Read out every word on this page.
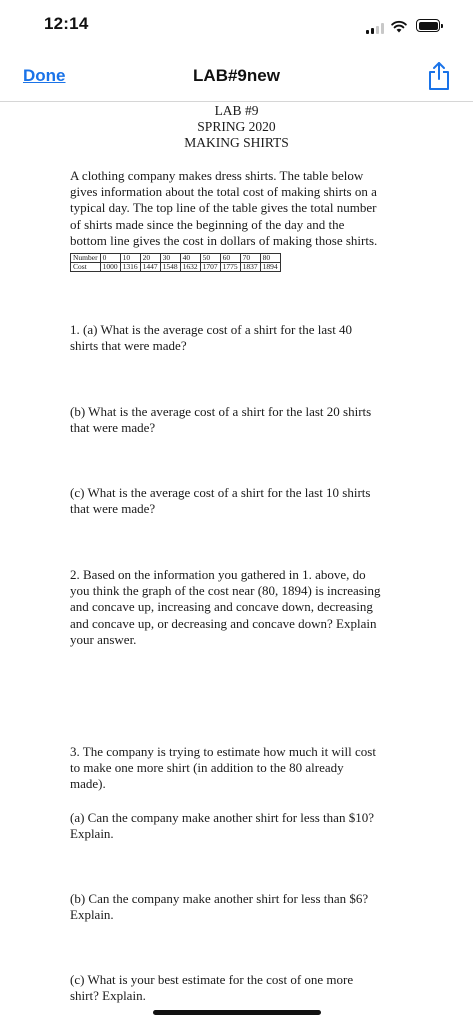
12:14
Done	LAB#9new
LAB #9
SPRING 2020
MAKING SHIRTS
A clothing company makes dress shirts. The table below
gives information about the total cost of making shirts on a
typical day. The top line of the table gives the total number
of shirts made since the beginning of the day and the
bottom line gives the cost in dollars of making those shirts.
Number	0	10	20	30	40	50	60	70	80
Cost	1000	1316	1447	1548	1632	1707	1775	1837	1894
1. (a) What is the average cost of a shirt for the last 40
shirts that were made?
(b) What is the average cost of a shirt for the last 20 shirts
that were made?
(c) What is the average cost of a shirt for the last 10 shirts
that were made?
2. Based on the information you gathered in 1. above, do
you think the graph of the cost near (80, 1894) is increasing
and concave up, increasing and concave down, decreasing
and concave up, or decreasing and concave down? Explain
your answer.
3. The company is trying to estimate how much it will cost
to make one more shirt (in addition to the 80 already
made).
(a) Can the company make another shirt for less than $10?
Explain.
(b) Can the company make another shirt for less than $6?
Explain.
(c) What is your best estimate for the cost of one more
shirt? Explain.
